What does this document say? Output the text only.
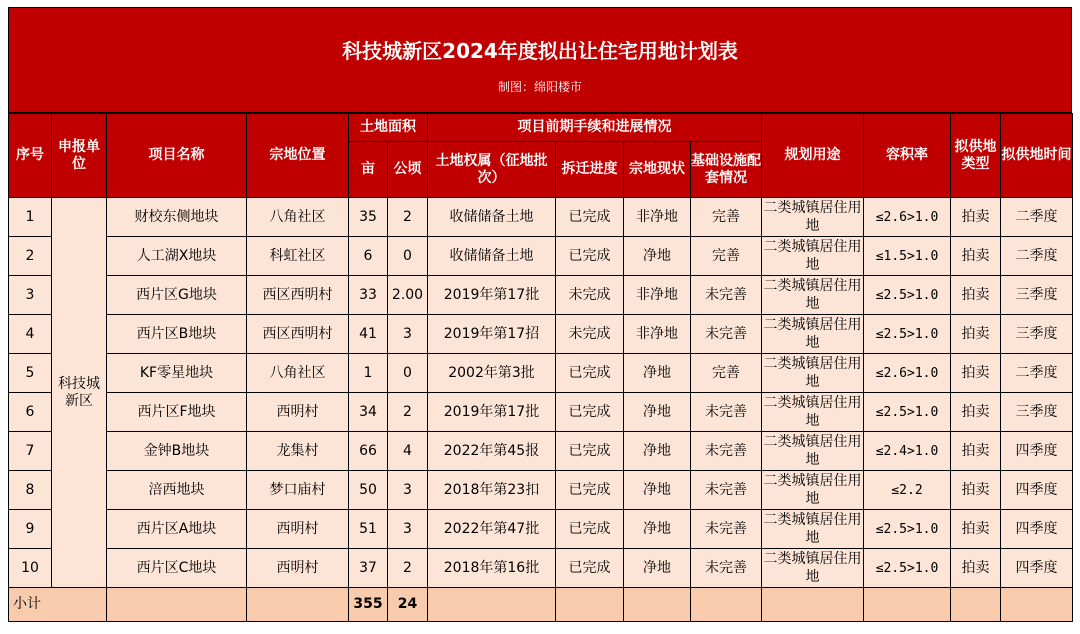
科技城新区2024年度拟出让住宅用地计划表
制图：绵阳楼市
序号	申报单位	项目名称	宗地位置	土地面积		项目前期手续和进展情况				规划用途	容积率	拟供地类型	拟供地时间
				亩	公顷	土地权属（征地批次）	拆迁进度	宗地现状	基础设施配套情况				
1	科技城新区	财校东侧地块	八角社区	35	2	收储储备土地	已完成	非净地	完善	二类城镇居住用地	≤2.6>1.0	拍卖	二季度
2		人工湖X地块	科虹社区	6	0	收储储备土地	已完成	净地	完善	二类城镇居住用地	≤1.5>1.0	拍卖	二季度
3		西片区G地块	西区西明村	33	2.00	2019年第17批	未完成	非净地	未完善	二类城镇居住用地	≤2.5>1.0	拍卖	三季度
4		西片区B地块	西区西明村	41	3	2019年第17招	未完成	非净地	未完善	二类城镇居住用地	≤2.5>1.0	拍卖	三季度
5		KF零星地块	八角社区	1	0	2002年第3批	已完成	净地	完善	二类城镇居住用地	≤2.6>1.0	拍卖	二季度
6		西片区F地块	西明村	34	2	2019年第17批	已完成	净地	未完善	二类城镇居住用地	≤2.5>1.0	拍卖	三季度
7		金钟B地块	龙集村	66	4	2022年第45报	已完成	净地	未完善	二类城镇居住用地	≤2.4>1.0	拍卖	四季度
8		涪西地块	梦口庙村	50	3	2018年第23扣	已完成	净地	未完善	二类城镇居住用地	≤2.2	拍卖	四季度
9		西片区A地块	西明村	51	3	2022年第47批	已完成	净地	未完善	二类城镇居住用地	≤2.5>1.0	拍卖	四季度
10		西片区C地块	西明村	37	2	2018年第16批	已完成	净地	未完善	二类城镇居住用地	≤2.5>1.0	拍卖	四季度
小计				355	24								
